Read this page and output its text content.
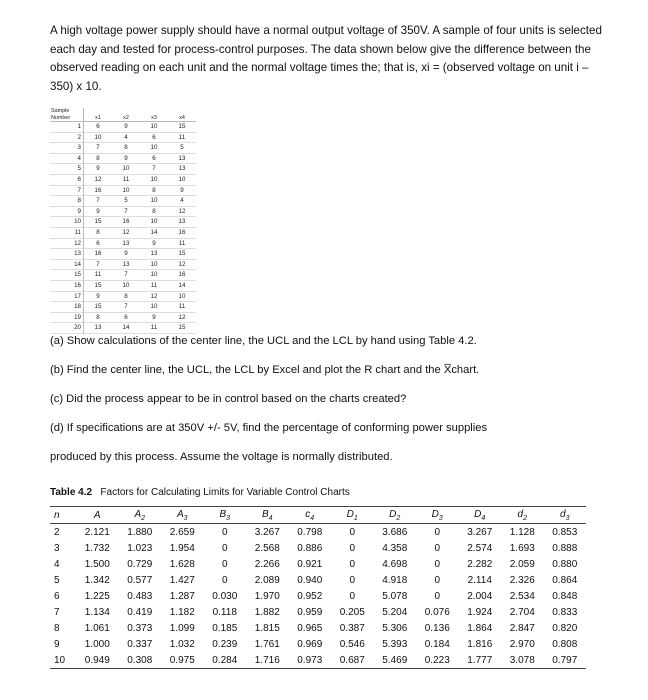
A high voltage power supply should have a normal output voltage of 350V. A sample of four units is selected each day and tested for process-control purposes. The data shown below give the difference between the observed reading on each unit and the normal voltage times the; that is, xi = (observed voltage on unit i – 350) x 10.
Sample Number	x1	x2	x3	x4
1	6	9	10	15
2	10	4	6	11
3	7	8	10	5
4	8	9	6	13
5	9	10	7	13
6	12	11	10	10
7	16	10	8	9
8	7	5	10	4
9	9	7	8	12
10	15	16	10	13
11	8	12	14	16
12	6	13	9	11
13	16	9	13	15
14	7	13	10	12
15	11	7	10	16
16	15	10	11	14
17	9	8	12	10
18	15	7	10	11
19	8	6	9	12
20	13	14	11	15
(a) Show calculations of the center line, the UCL and the LCL by hand using Table 4.2.
(b) Find the center line, the UCL, the LCL by Excel and plot the R chart and the X̅chart.
(c) Did the process appear to be in control based on the charts created?
(d) If specifications are at 350V +/- 5V, find the percentage of conforming power supplies
produced by this process. Assume the voltage is normally distributed.
Table 4.2 Factors for Calculating Limits for Variable Control Charts
n	A	$A_2$	$A_3$	$B_3$	$B_4$	$c_4$	$D_1$	$D_2$	$D_3$	$D_4$	$d_2$	$d_3$
2	2.121	1.880	2.659	0	3.267	0.798	0	3.686	0	3.267	1.128	0.853
3	1.732	1.023	1.954	0	2.568	0.886	0	4.358	0	2.574	1.693	0.888
4	1.500	0.729	1.628	0	2.266	0.921	0	4.698	0	2.282	2.059	0.880
5	1.342	0.577	1.427	0	2.089	0.940	0	4.918	0	2.114	2.326	0.864
6	1.225	0.483	1.287	0.030	1.970	0.952	0	5.078	0	2.004	2.534	0.848
7	1.134	0.419	1.182	0.118	1.882	0.959	0.205	5.204	0.076	1.924	2.704	0.833
8	1.061	0.373	1.099	0.185	1.815	0.965	0.387	5.306	0.136	1.864	2.847	0.820
9	1.000	0.337	1.032	0.239	1.761	0.969	0.546	5.393	0.184	1.816	2.970	0.808
10	0.949	0.308	0.975	0.284	1.716	0.973	0.687	5.469	0.223	1.777	3.078	0.797
